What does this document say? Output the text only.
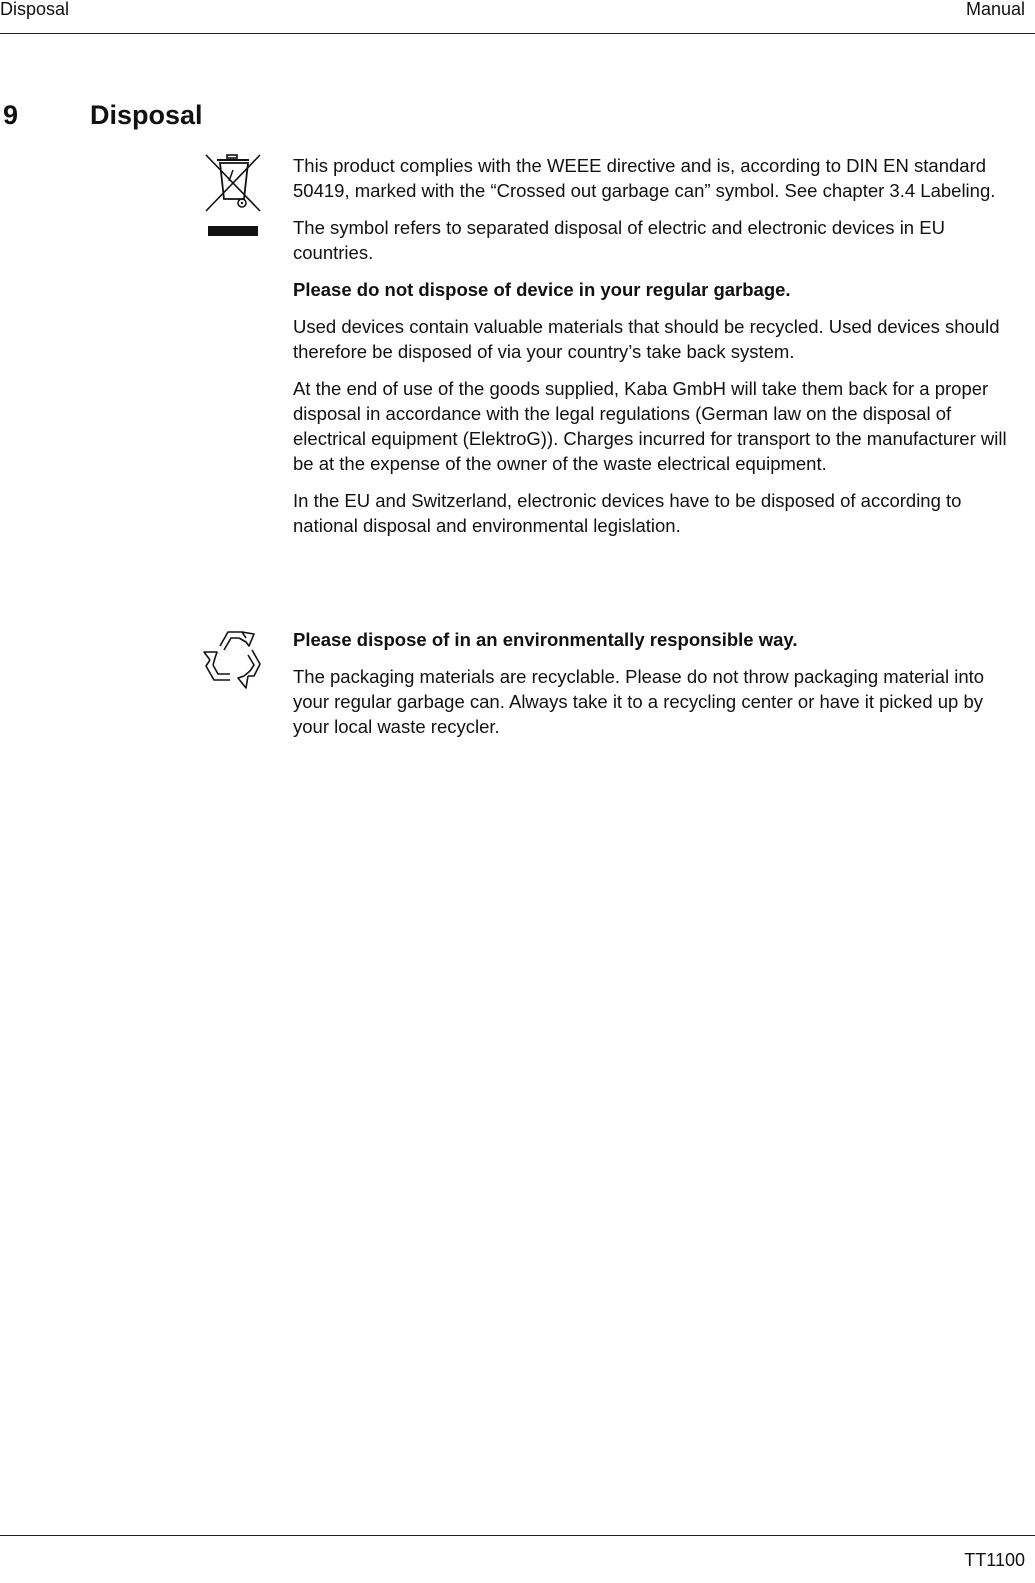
Disposal	Manual
9	Disposal

This product complies with the WEEE directive and is, according to DIN EN standard 50419, marked with the “Crossed out garbage can” symbol. See chapter 3.4 Labeling.

The symbol refers to separated disposal of electric and electronic devices in EU countries.

Please do not dispose of device in your regular garbage.

Used devices contain valuable materials that should be recycled. Used devices should therefore be disposed of via your country’s take back system.

At the end of use of the goods supplied, Kaba GmbH will take them back for a proper disposal in accordance with the legal regulations (German law on the disposal of electrical equipment (ElektroG)). Charges incurred for transport to the manufacturer will be at the expense of the owner of the waste electrical equipment.

In the EU and Switzerland, electronic devices have to be disposed of according to national disposal and environmental legislation.

Please dispose of in an environmentally responsible way.

The packaging materials are recyclable. Please do not throw packaging material into your regular garbage can. Always take it to a recycling center or have it picked up by your local waste recycler.

TT1100
